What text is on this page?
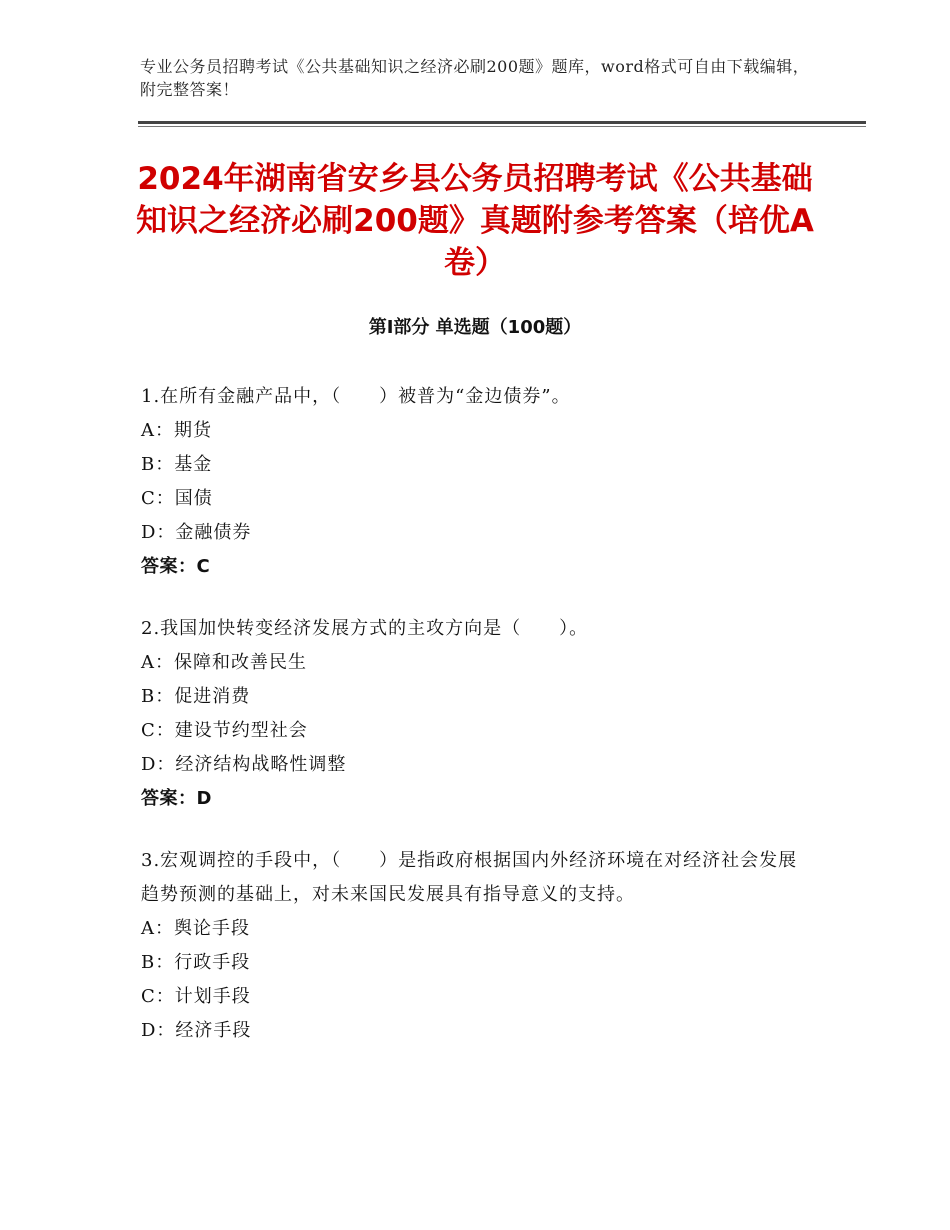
专业公务员招聘考试《公共基础知识之经济必刷200题》题库，word格式可自由下载编辑，附完整答案！
2024年湖南省安乡县公务员招聘考试《公共基础知识之经济必刷200题》真题附参考答案（培优A卷）
第Ⅰ部分 单选题（100题）
1.在所有金融产品中，（　　）被普为“金边债券”。
A：期货
B：基金
C：国债
D：金融债券
答案：C
2.我国加快转变经济发展方式的主攻方向是（　　）。
A：保障和改善民生
B：促进消费
C：建设节约型社会
D：经济结构战略性调整
答案：D
3.宏观调控的手段中，（　　）是指政府根据国内外经济环境在对经济社会发展趋势预测的基础上，对未来国民发展具有指导意义的支持。
A：舆论手段
B：行政手段
C：计划手段
D：经济手段
